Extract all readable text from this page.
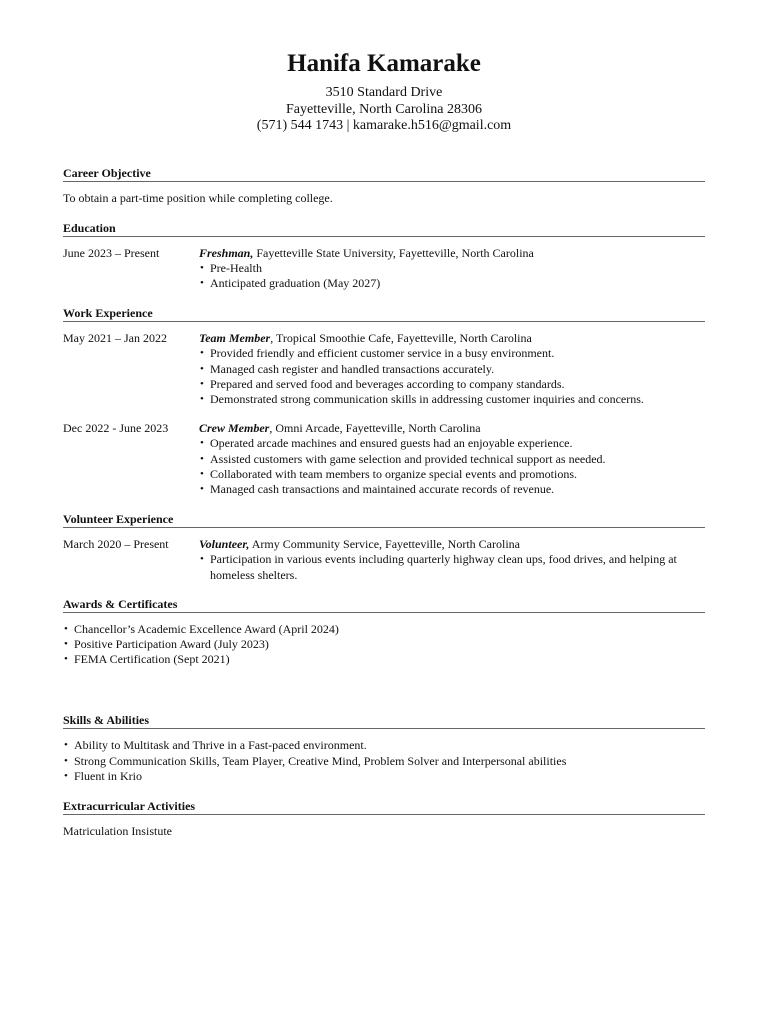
Hanifa Kamarake
3510 Standard Drive
Fayetteville, North Carolina 28306
(571) 544 1743 | kamarake.h516@gmail.com
Career Objective
To obtain a part-time position while completing college.
Education
June 2023 – Present	Freshman, Fayetteville State University, Fayetteville, North Carolina
• Pre-Health
• Anticipated graduation (May 2027)
Work Experience
May 2021 – Jan 2022	Team Member, Tropical Smoothie Cafe, Fayetteville, North Carolina
• Provided friendly and efficient customer service in a busy environment.
• Managed cash register and handled transactions accurately.
• Prepared and served food and beverages according to company standards.
• Demonstrated strong communication skills in addressing customer inquiries and concerns.
Dec 2022 - June 2023	Crew Member, Omni Arcade, Fayetteville, North Carolina
• Operated arcade machines and ensured guests had an enjoyable experience.
• Assisted customers with game selection and provided technical support as needed.
• Collaborated with team members to organize special events and promotions.
• Managed cash transactions and maintained accurate records of revenue.
Volunteer Experience
March 2020 – Present	Volunteer, Army Community Service, Fayetteville, North Carolina
• Participation in various events including quarterly highway clean ups, food drives, and helping at homeless shelters.
Awards & Certificates
• Chancellor’s Academic Excellence Award (April 2024)
• Positive Participation Award (July 2023)
• FEMA Certification (Sept 2021)
Skills & Abilities
• Ability to Multitask and Thrive in a Fast-paced environment.
• Strong Communication Skills, Team Player, Creative Mind, Problem Solver and Interpersonal abilities
• Fluent in Krio
Extracurricular Activities
Matriculation Insistute
